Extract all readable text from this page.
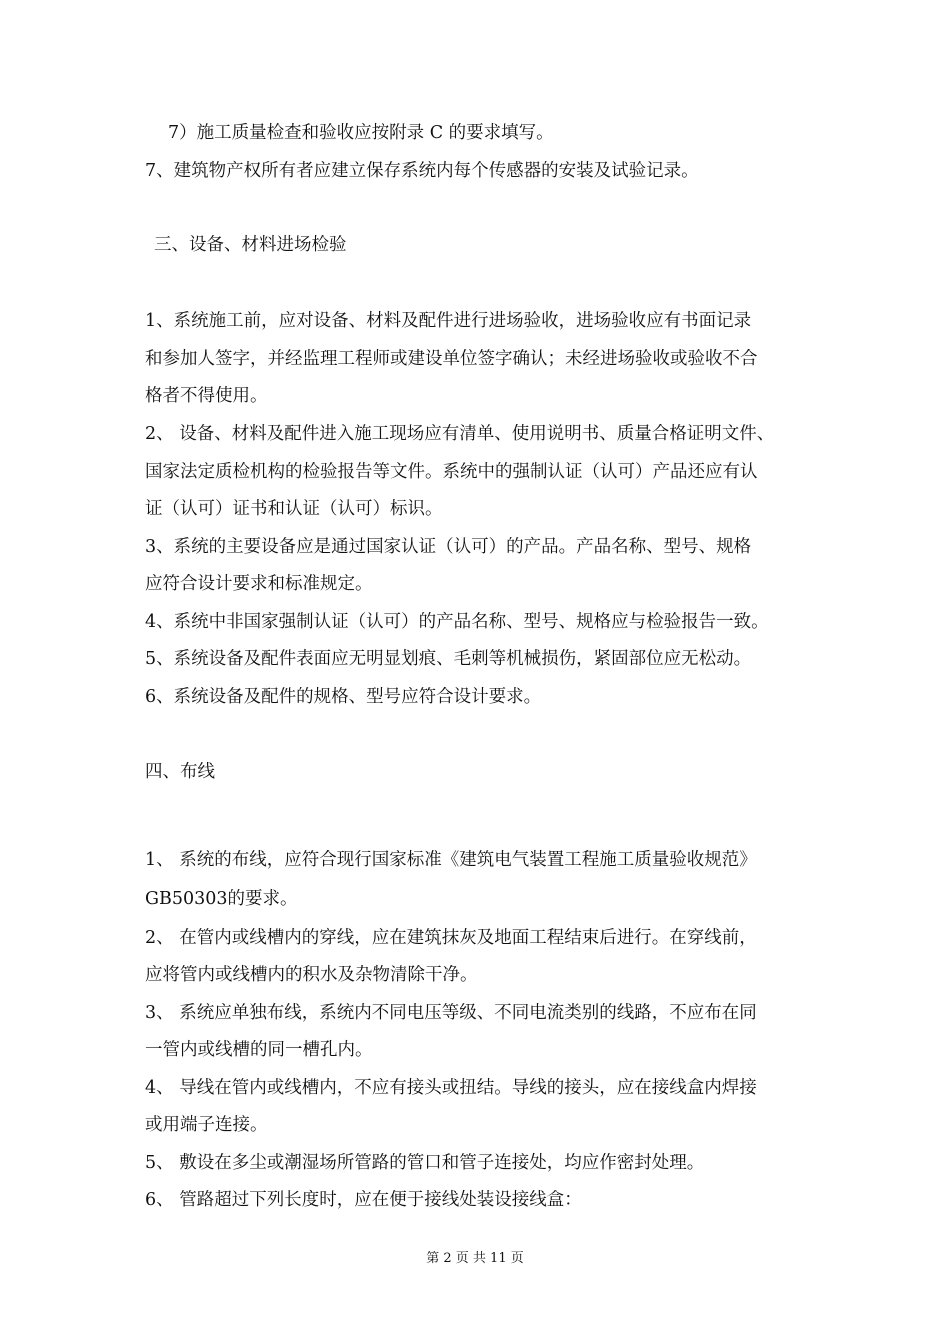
7）施工质量检查和验收应按附录 C 的要求填写。
7、建筑物产权所有者应建立保存系统内每个传感器的安装及试验记录。
三、设备、材料进场检验
1、系统施工前，应对设备、材料及配件进行进场验收，进场验收应有书面记录
和参加人签字，并经监理工程师或建设单位签字确认；未经进场验收或验收不合
格者不得使用。
2、 设备、材料及配件进入施工现场应有清单、使用说明书、质量合格证明文件、
国家法定质检机构的检验报告等文件。系统中的强制认证（认可）产品还应有认
证（认可）证书和认证（认可）标识。
3、系统的主要设备应是通过国家认证（认可）的产品。产品名称、型号、规格
应符合设计要求和标准规定。
4、系统中非国家强制认证（认可）的产品名称、型号、规格应与检验报告一致。
5、系统设备及配件表面应无明显划痕、毛刺等机械损伤，紧固部位应无松动。
6、系统设备及配件的规格、型号应符合设计要求。
四、布线
1、 系统的布线，应符合现行国家标准《建筑电气装置工程施工质量验收规范》
GB50303的要求。
2、 在管内或线槽内的穿线，应在建筑抹灰及地面工程结束后进行。在穿线前，
应将管内或线槽内的积水及杂物清除干净。
3、 系统应单独布线，系统内不同电压等级、不同电流类别的线路，不应布在同
一管内或线槽的同一槽孔内。
4、 导线在管内或线槽内，不应有接头或扭结。导线的接头，应在接线盒内焊接
或用端子连接。
5、 敷设在多尘或潮湿场所管路的管口和管子连接处，均应作密封处理。
6、 管路超过下列长度时，应在便于接线处装设接线盒：
第 2 页 共 11 页
